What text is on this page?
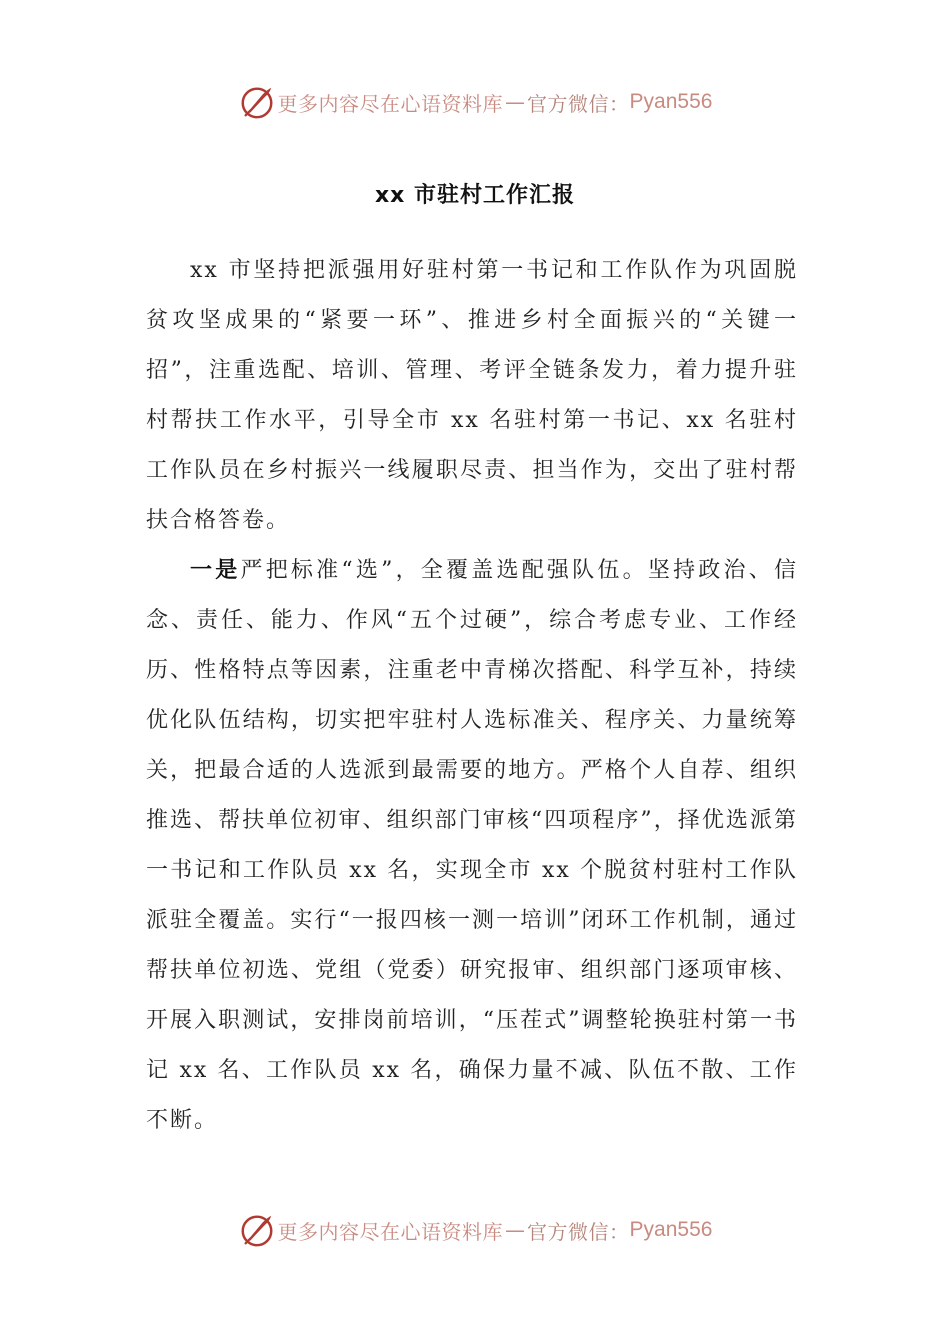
更多内容尽在心语资料库 — 官方微信： Pyan556
xx 市驻村工作汇报

xx 市坚持把派强用好驻村第一书记和工作队作为巩固脱贫攻坚成果的“紧要一环”、推进乡村全面振兴的“关键一招”，注重选配、培训、管理、考评全链条发力，着力提升驻村帮扶工作水平，引导全市 xx 名驻村第一书记、xx 名驻村工作队员在乡村振兴一线履职尽责、担当作为，交出了驻村帮扶合格答卷。

一是严把标准“选”，全覆盖选配强队伍。坚持政治、信念、责任、能力、作风“五个过硬”，综合考虑专业、工作经历、性格特点等因素，注重老中青梯次搭配、科学互补，持续优化队伍结构，切实把牢驻村人选标准关、程序关、力量统筹关，把最合适的人选派到最需要的地方。严格个人自荐、组织推选、帮扶单位初审、组织部门审核“四项程序”，择优选派第一书记和工作队员 xx 名，实现全市 xx 个脱贫村驻村工作队派驻全覆盖。实行“一报四核一测一培训”闭环工作机制，通过帮扶单位初选、党组（党委）研究报审、组织部门逐项审核、开展入职测试，安排岗前培训，“压茬式”调整轮换驻村第一书记 xx 名、工作队员 xx 名，确保力量不减、队伍不散、工作不断。

更多内容尽在心语资料库 — 官方微信： Pyan556
